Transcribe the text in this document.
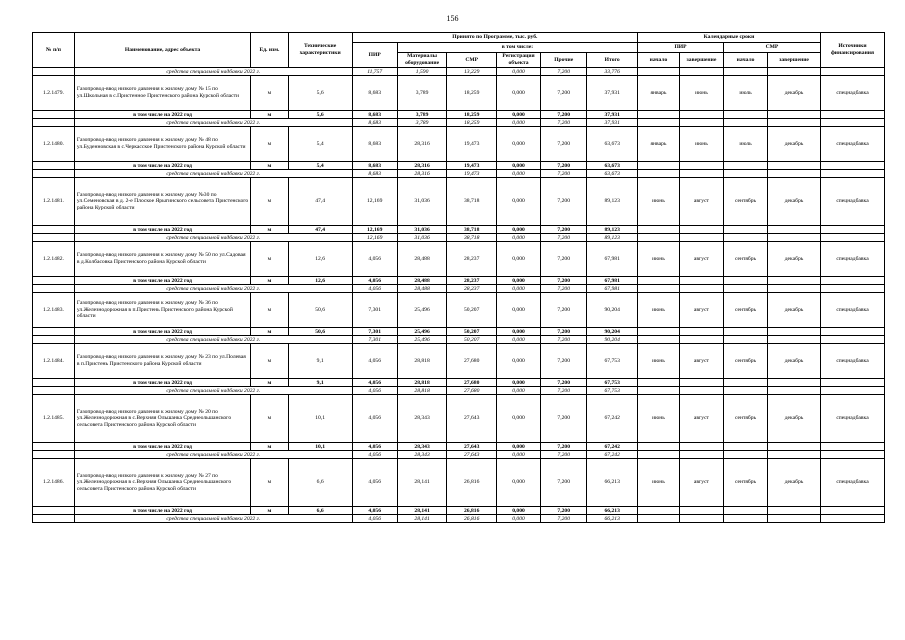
156
№ п/п	Наименование, адрес объекта	Ед. изм.	Технические характеристики	Принято по Программе, тыс. руб.						Календарные сроки				Источники финансирования
				ПИР	в том числе:					ПИР		СМР		
					Материалы оборудование	СМР	Регистрация объекта	Прочие	Итого	начало	завершение	начало	завершение	
	средства специальной надбавки 2022 г.			11,757	1,590	13,229	0,000	7,200	33,776					
1.2.1479.	Газопровод-ввод низкого давления к жилому дому № 15 по ул.Школьная в с.Пристенное Пристенского района Курской области	м	5,6	8,683	3,789	18,259	0,000	7,200	37,931	январь	июнь	июль	декабрь	спецнадбавка
	в том числе на 2022 год	м	5,6	8,683	3,789	18,259	0,000	7,200	37,931					
	средства специальной надбавки 2022 г.			8,683	3,789	18,259	0,000	7,200	37,931					
1.2.1480.	Газопровод-ввод низкого давления к жилому дому № 48 по ул.Буденновская в с.Черкасское Пристенского района Курской области	м	5,4	8,683	28,316	19,473	0,000	7,200	63,673	январь	июнь	июль	декабрь	спецнадбавка
	в том числе на 2022 год	м	5,4	8,683	28,316	19,473	0,000	7,200	63,673					
	средства специальной надбавки 2022 г.			8,683	28,316	19,473	0,000	7,200	63,673					
1.2.1481.	Газопровод-ввод низкого давления к жилому дому №30 по ул.Семеновская в д. 2-е Плоское Ярыгинского сельсовета Пристенского района Курской области	м	47,4	12,169	31,036	38,718	0,000	7,200	89,123	июнь	август	сентябрь	декабрь	спецнадбавка
	в том числе на 2022 год	м	47,4	12,169	31,036	38,718	0,000	7,200	89,123					
	средства специальной надбавки 2022 г.			12,169	31,036	38,718	0,000	7,200	89,123					
1.2.1482.	Газопровод-ввод низкого давления к жилому дому № 50 по ул.Садовая в д.Колбасовка Пристенского района Курской области	м	12,6	4,056	28,488	28,237	0,000	7,200	67,981	июнь	август	сентябрь	декабрь	спецнадбавка
	в том числе на 2022 год	м	12,6	4,056	28,488	28,237	0,000	7,200	67,981					
	средства специальной надбавки 2022 г.			4,056	28,488	28,237	0,000	7,200	67,981					
1.2.1483.	Газопровод-ввод низкого давления к жилому дому № 36 по ул.Железнодорожная в п.Пристень Пристенского района Курской области	м	50,6	7,301	25,496	50,207	0,000	7,200	90,204	июнь	август	сентябрь	декабрь	спецнадбавка
	в том числе на 2022 год	м	50,6	7,301	25,496	50,207	0,000	7,200	90,204					
	средства специальной надбавки 2022 г.			7,301	25,496	50,207	0,000	7,200	90,204					
1.2.1484.	Газопровод-ввод низкого давления к жилому дому № 23 по ул.Полевая в п.Пристень Пристенского района Курской области	м	9,1	4,056	28,818	27,680	0,000	7,200	67,753	июнь	август	сентябрь	декабрь	спецнадбавка
	в том числе на 2022 год	м	9,1	4,056	28,818	27,680	0,000	7,200	67,753					
	средства специальной надбавки 2022 г.			4,056	28,818	27,680	0,000	7,200	67,753					
1.2.1485.	Газопровод-ввод низкого давления к жилому дому № 20 по ул.Железнодорожная в с.Верхняя Ольшанка Среднеольшанского сельсовета Пристенского района Курской области	м	10,1	4,056	28,343	27,643	0,000	7,200	67,242	июнь	август	сентябрь	декабрь	спецнадбавка
	в том числе на 2022 год	м	10,1	4,056	28,343	27,643	0,000	7,200	67,242					
	средства специальной надбавки 2022 г.			4,056	28,343	27,643	0,000	7,200	67,242					
1.2.1486.	Газопровод-ввод низкого давления к жилому дому № 27 по ул.Железнодорожная в с.Верхняя Ольшанка Среднеольшанского сельсовета Пристенского района Курской области	м	6,6	4,056	28,141	26,816	0,000	7,200	66,213	июнь	август	сентябрь	декабрь	спецнадбавка
	в том числе на 2022 год	м	6,6	4,056	28,141	26,816	0,000	7,200	66,213					
	средства специальной надбавки 2022 г.			4,056	28,141	26,816	0,000	7,200	66,213					
